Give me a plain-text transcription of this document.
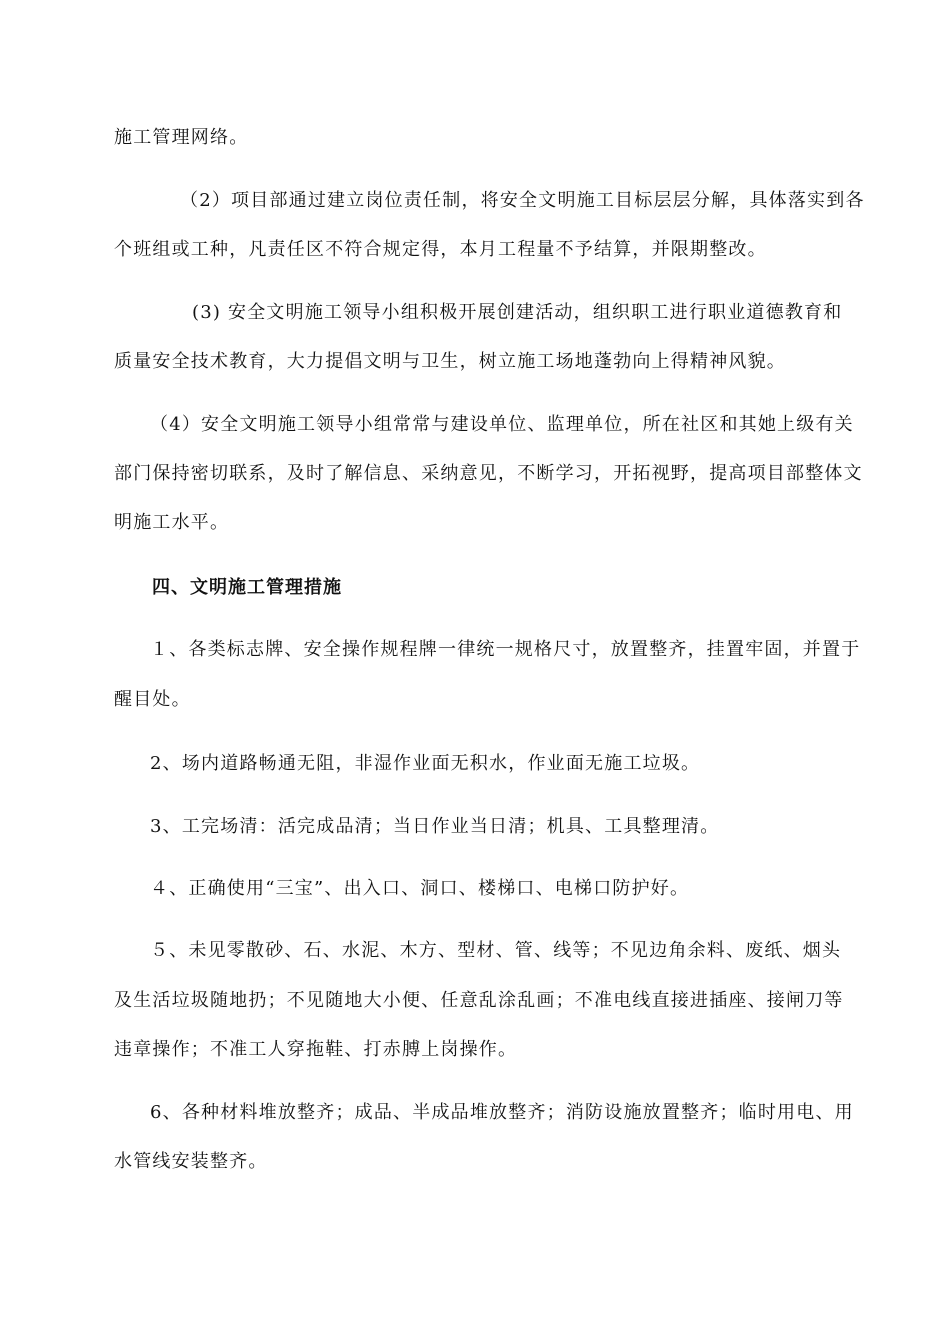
施工管理网络。
（2）项目部通过建立岗位责任制，将安全文明施工目标层层分解，具体落实到各
个班组或工种，凡责任区不符合规定得，本月工程量不予结算，并限期整改。
(3) 安全文明施工领导小组积极开展创建活动，组织职工进行职业道德教育和
质量安全技术教育，大力提倡文明与卫生，树立施工场地蓬勃向上得精神风貌。
（4）安全文明施工领导小组常常与建设单位、监理单位，所在社区和其她上级有关
部门保持密切联系，及时了解信息、采纳意见，不断学习，开拓视野，提高项目部整体文
明施工水平。
四、文明施工管理措施
１、各类标志牌、安全操作规程牌一律统一规格尺寸，放置整齐，挂置牢固，并置于
醒目处。
2、场内道路畅通无阻，非湿作业面无积水，作业面无施工垃圾。
3、工完场清：活完成品清；当日作业当日清；机具、工具整理清。
４、正确使用“三宝”、出入口、洞口、楼梯口、电梯口防护好。
５、未见零散砂、石、水泥、木方、型材、管、线等；不见边角余料、废纸、烟头
及生活垃圾随地扔；不见随地大小便、任意乱涂乱画；不准电线直接进插座、接闸刀等
违章操作；不准工人穿拖鞋、打赤膊上岗操作。
6、各种材料堆放整齐；成品、半成品堆放整齐；消防设施放置整齐；临时用电、用
水管线安装整齐。
